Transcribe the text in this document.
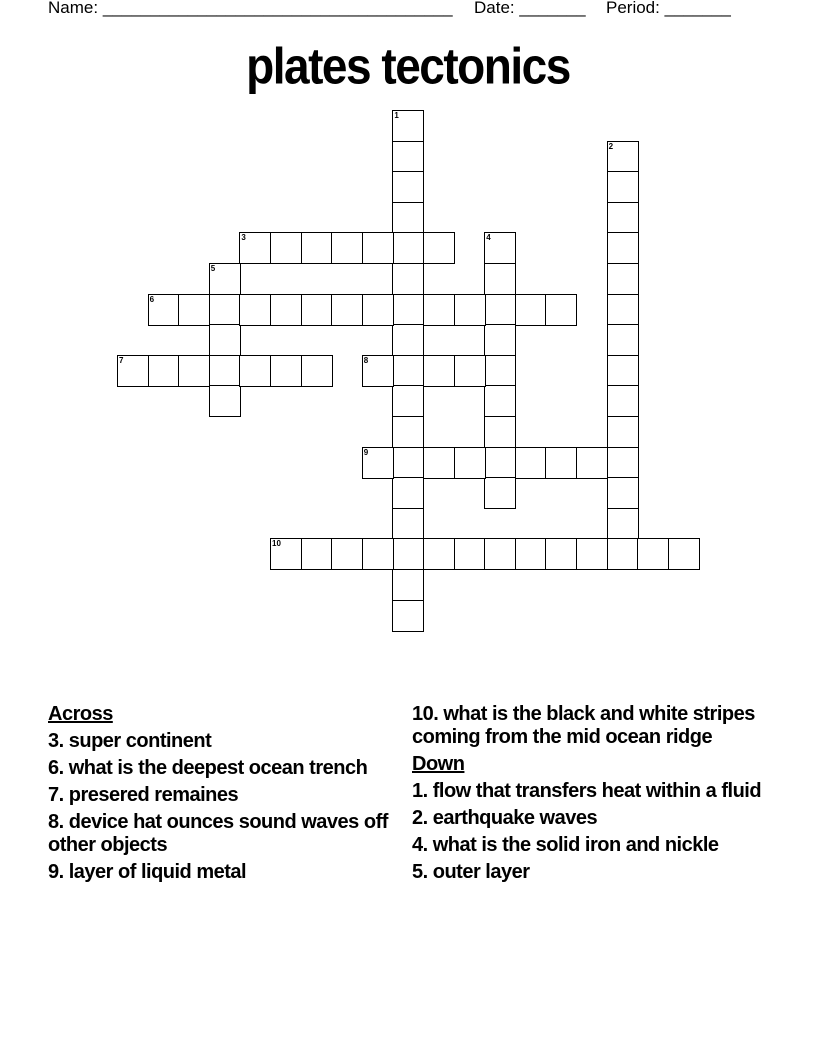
Name: _____________________________________ Date: _______ Period: _______
plates tectonics
1
2
3	4
5
6
7	8
9
10
Across
3 . super continent
6 . what is the deepest ocean trench
7 . presered remaines
8 . device hat ounces sound waves off other objects
9 . layer of liquid metal
10 . what is the black and white stripes coming from the mid ocean ridge
Down
1 . flow that transfers heat within a fluid
2 . earthquake waves
4 . what is the solid iron and nickle
5 . outer layer
